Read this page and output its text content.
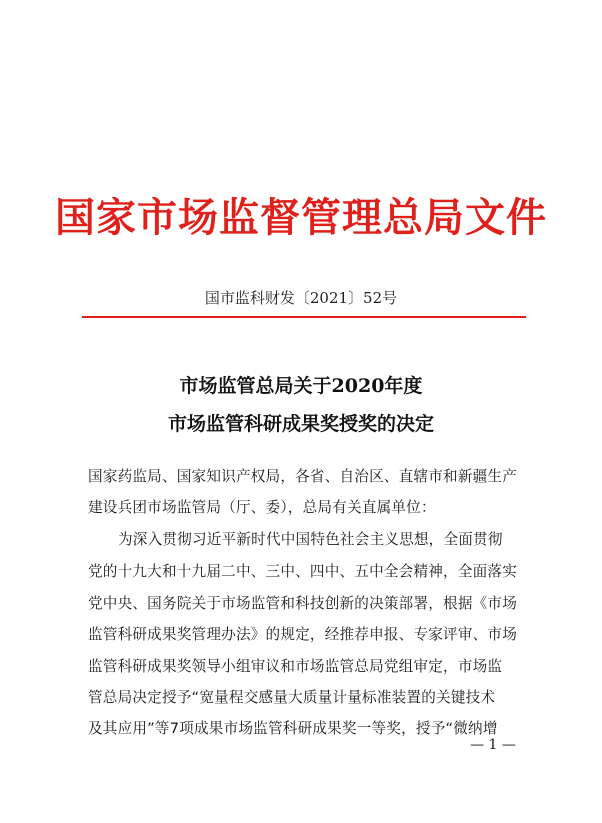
国家市场监督管理总局文件
国市监科财发〔2021〕52号
市场监管总局关于2020年度
市场监管科研成果奖授奖的决定
国家药监局、国家知识产权局，各省、自治区、直辖市和新疆生产
建设兵团市场监管局（厅、委），总局有关直属单位：
为深入贯彻习近平新时代中国特色社会主义思想，全面贯彻
党的十九大和十九届二中、三中、四中、五中全会精神，全面落实
党中央、国务院关于市场监管和科技创新的决策部署，根据《市场
监管科研成果奖管理办法》的规定，经推荐申报、专家评审、市场
监管科研成果奖领导小组审议和市场监管总局党组审定，市场监
管总局决定授予“宽量程交感量大质量计量标准装置的关键技术
及其应用”等7项成果市场监管科研成果奖一等奖，授予“微纳增
— 1 —
